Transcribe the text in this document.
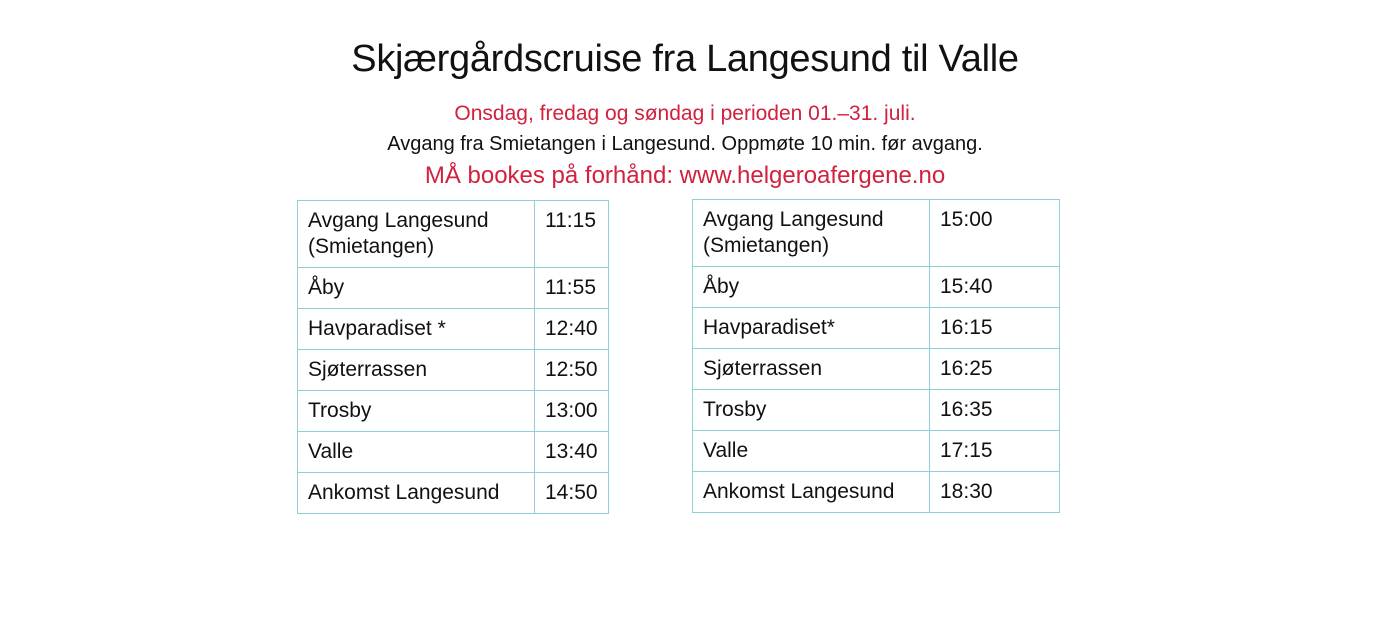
Skjærgårdscruise fra Langesund til Valle
Onsdag, fredag og søndag i perioden 01.–31. juli.
Avgang fra Smietangen i Langesund. Oppmøte 10 min. før avgang.
MÅ bookes på forhånd: www.helgeroafergene.no
Avgang Langesund (Smietangen)	11:15
Åby	11:55
Havparadiset *	12:40
Sjøterrassen	12:50
Trosby	13:00
Valle	13:40
Ankomst Langesund	14:50
Avgang Langesund (Smietangen)	15:00
Åby	15:40
Havparadiset*	16:15
Sjøterrassen	16:25
Trosby	16:35
Valle	17:15
Ankomst Langesund	18:30
